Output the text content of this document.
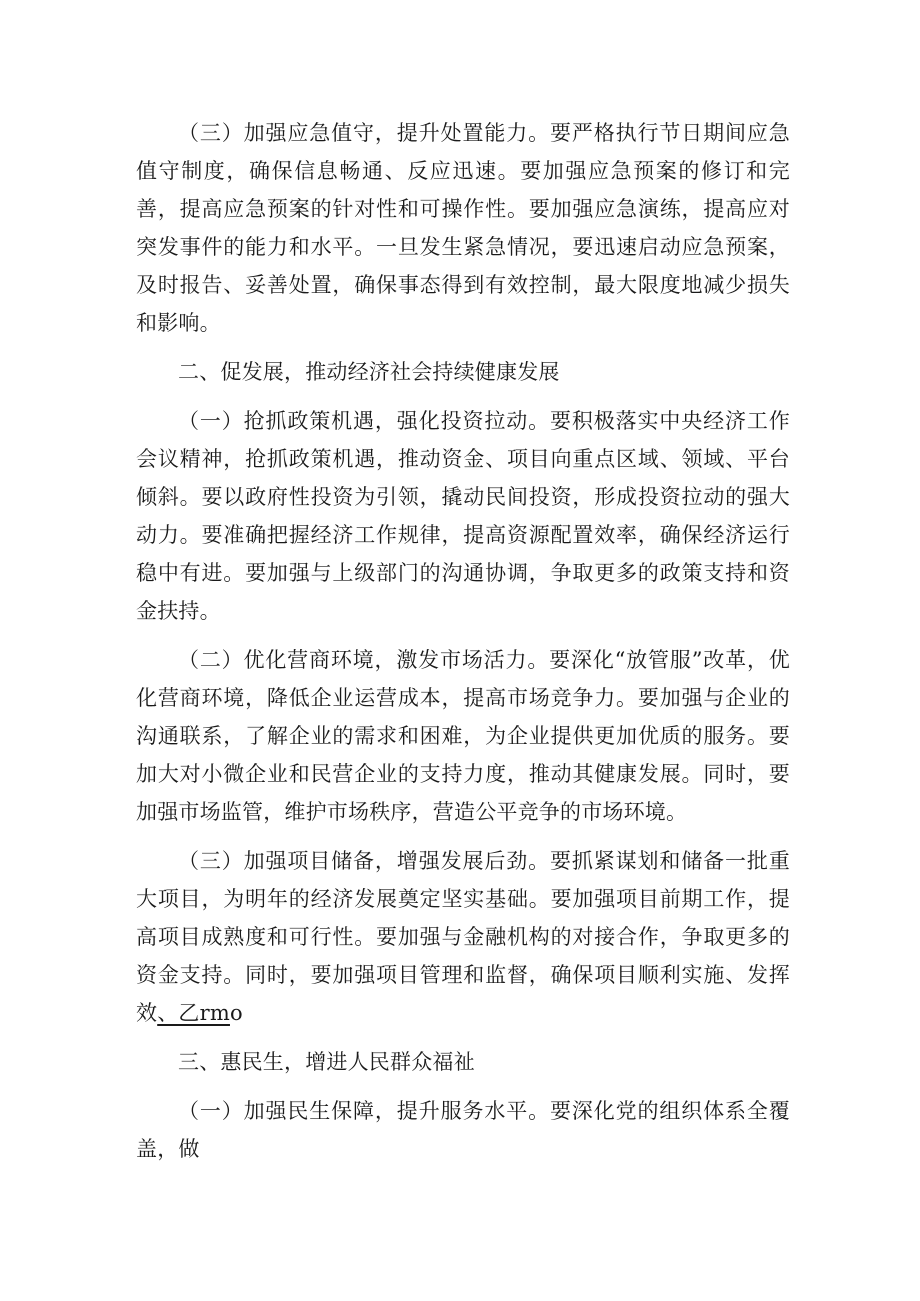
（三）加强应急值守，提升处置能力。要严格执行节日期间应急值守制度，确保信息畅通、反应迅速。要加强应急预案的修订和完善，提高应急预案的针对性和可操作性。要加强应急演练，提高应对突发事件的能力和水平。一旦发生紧急情况，要迅速启动应急预案，及时报告、妥善处置，确保事态得到有效控制，最大限度地减少损失和影响。

二、促发展，推动经济社会持续健康发展

（一）抢抓政策机遇，强化投资拉动。要积极落实中央经济工作会议精神，抢抓政策机遇，推动资金、项目向重点区域、领域、平台倾斜。要以政府性投资为引领，撬动民间投资，形成投资拉动的强大动力。要准确把握经济工作规律，提高资源配置效率，确保经济运行稳中有进。要加强与上级部门的沟通协调，争取更多的政策支持和资金扶持。

（二）优化营商环境，激发市场活力。要深化“放管服”改革，优化营商环境，降低企业运营成本，提高市场竞争力。要加强与企业的沟通联系，了解企业的需求和困难，为企业提供更加优质的服务。要加大对小微企业和民营企业的支持力度，推动其健康发展。同时，要加强市场监管，维护市场秩序，营造公平竞争的市场环境。

（三）加强项目储备，增强发展后劲。要抓紧谋划和储备一批重大项目，为明年的经济发展奠定坚实基础。要加强项目前期工作，提高项目成熟度和可行性。要加强与金融机构的对接合作，争取更多的资金支持。同时，要加强项目管理和监督，确保项目顺利实施、发挥效、乙rmo

三、惠民生，增进人民群众福祉

（一）加强民生保障，提升服务水平。要深化党的组织体系全覆盖，做
